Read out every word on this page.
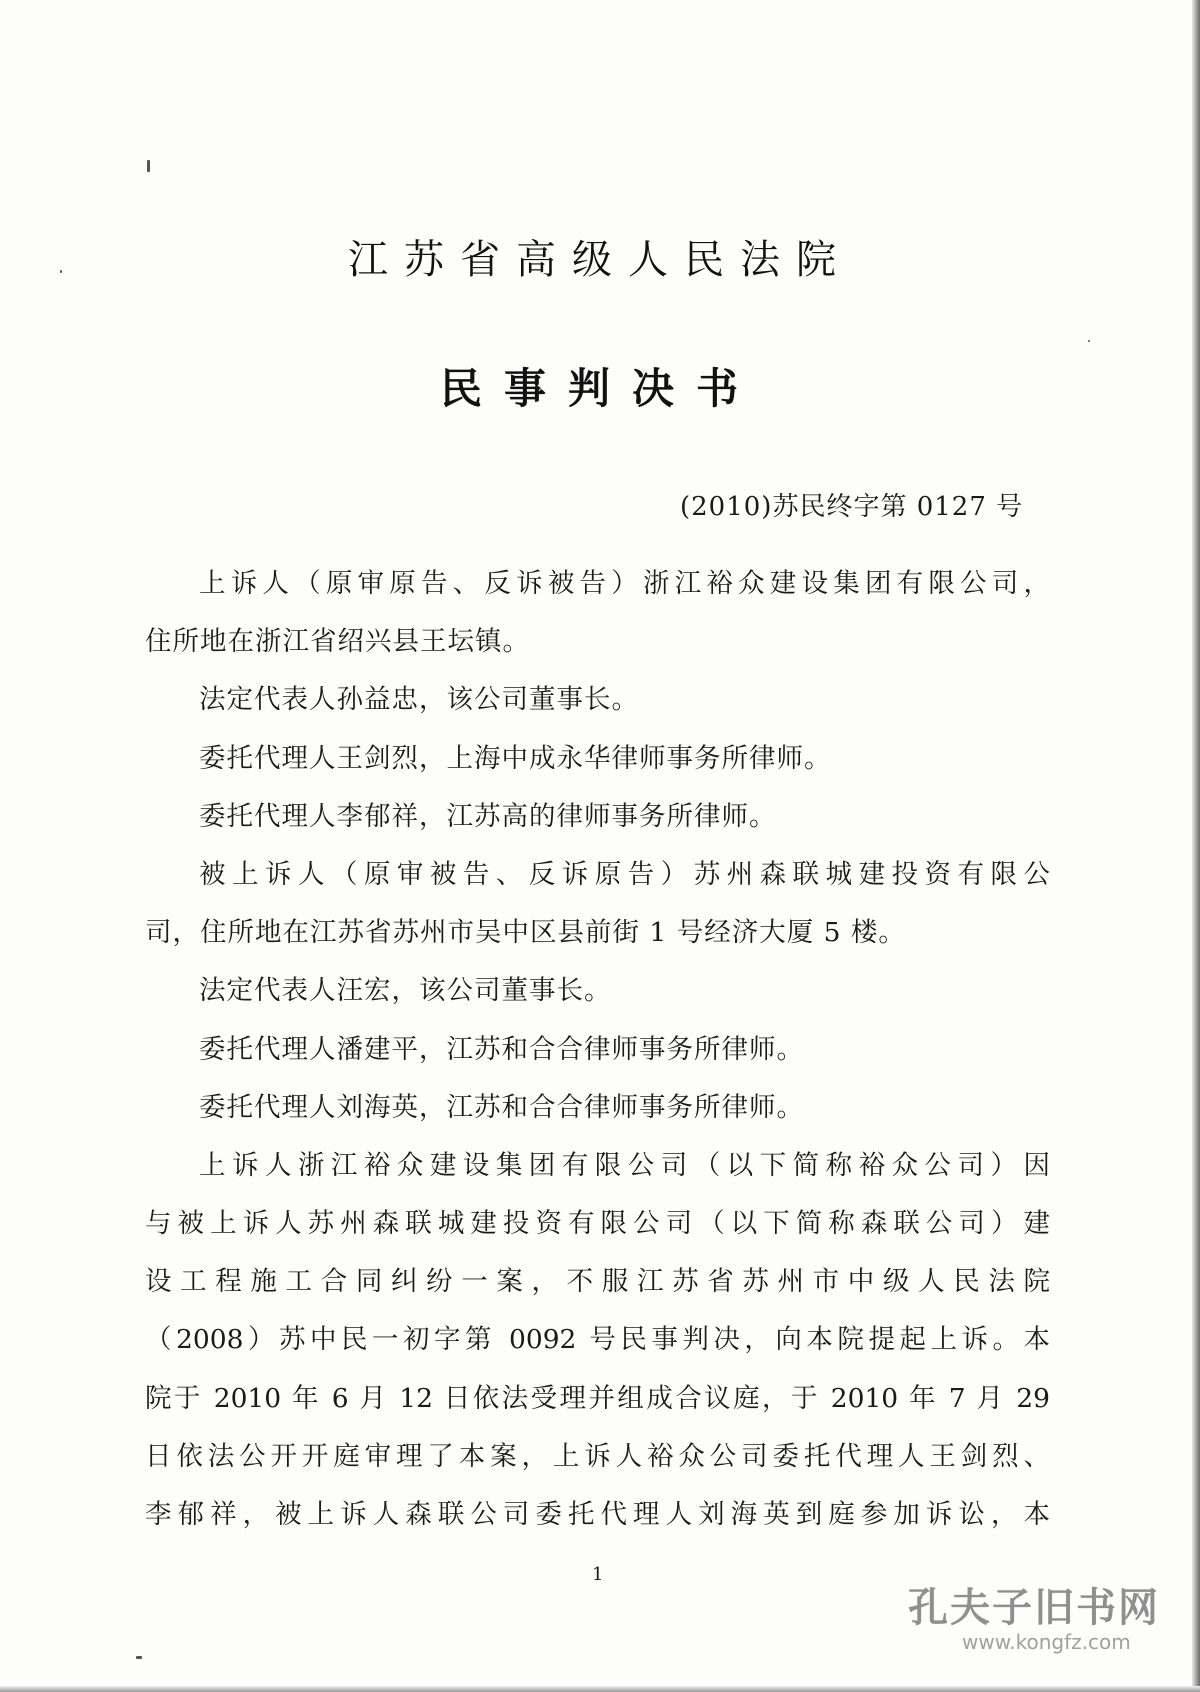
江苏省高级人民法院
民事判决书
(2010)苏民终字第 0127 号
上诉人（原审原告、反诉被告）浙江裕众建设集团有限公司，
住所地在浙江省绍兴县王坛镇。
法定代表人孙益忠，该公司董事长。
委托代理人王剑烈，上海中成永华律师事务所律师。
委托代理人李郁祥，江苏高的律师事务所律师。
被上诉人（原审被告、反诉原告）苏州森联城建投资有限公
司，住所地在江苏省苏州市吴中区县前街 1 号经济大厦 5 楼。
法定代表人汪宏，该公司董事长。
委托代理人潘建平，江苏和合合律师事务所律师。
委托代理人刘海英，江苏和合合律师事务所律师。
上诉人浙江裕众建设集团有限公司（以下简称裕众公司）因
与被上诉人苏州森联城建投资有限公司（以下简称森联公司）建
设工程施工合同纠纷一案，不服江苏省苏州市中级人民法院
（2008）苏中民一初字第 0092 号民事判决，向本院提起上诉。本
院于 2010 年 6 月 12 日依法受理并组成合议庭，于 2010 年 7 月 29
日依法公开开庭审理了本案，上诉人裕众公司委托代理人王剑烈、
李郁祥，被上诉人森联公司委托代理人刘海英到庭参加诉讼，本
1
孔夫子旧书网
www.kongfz.com
